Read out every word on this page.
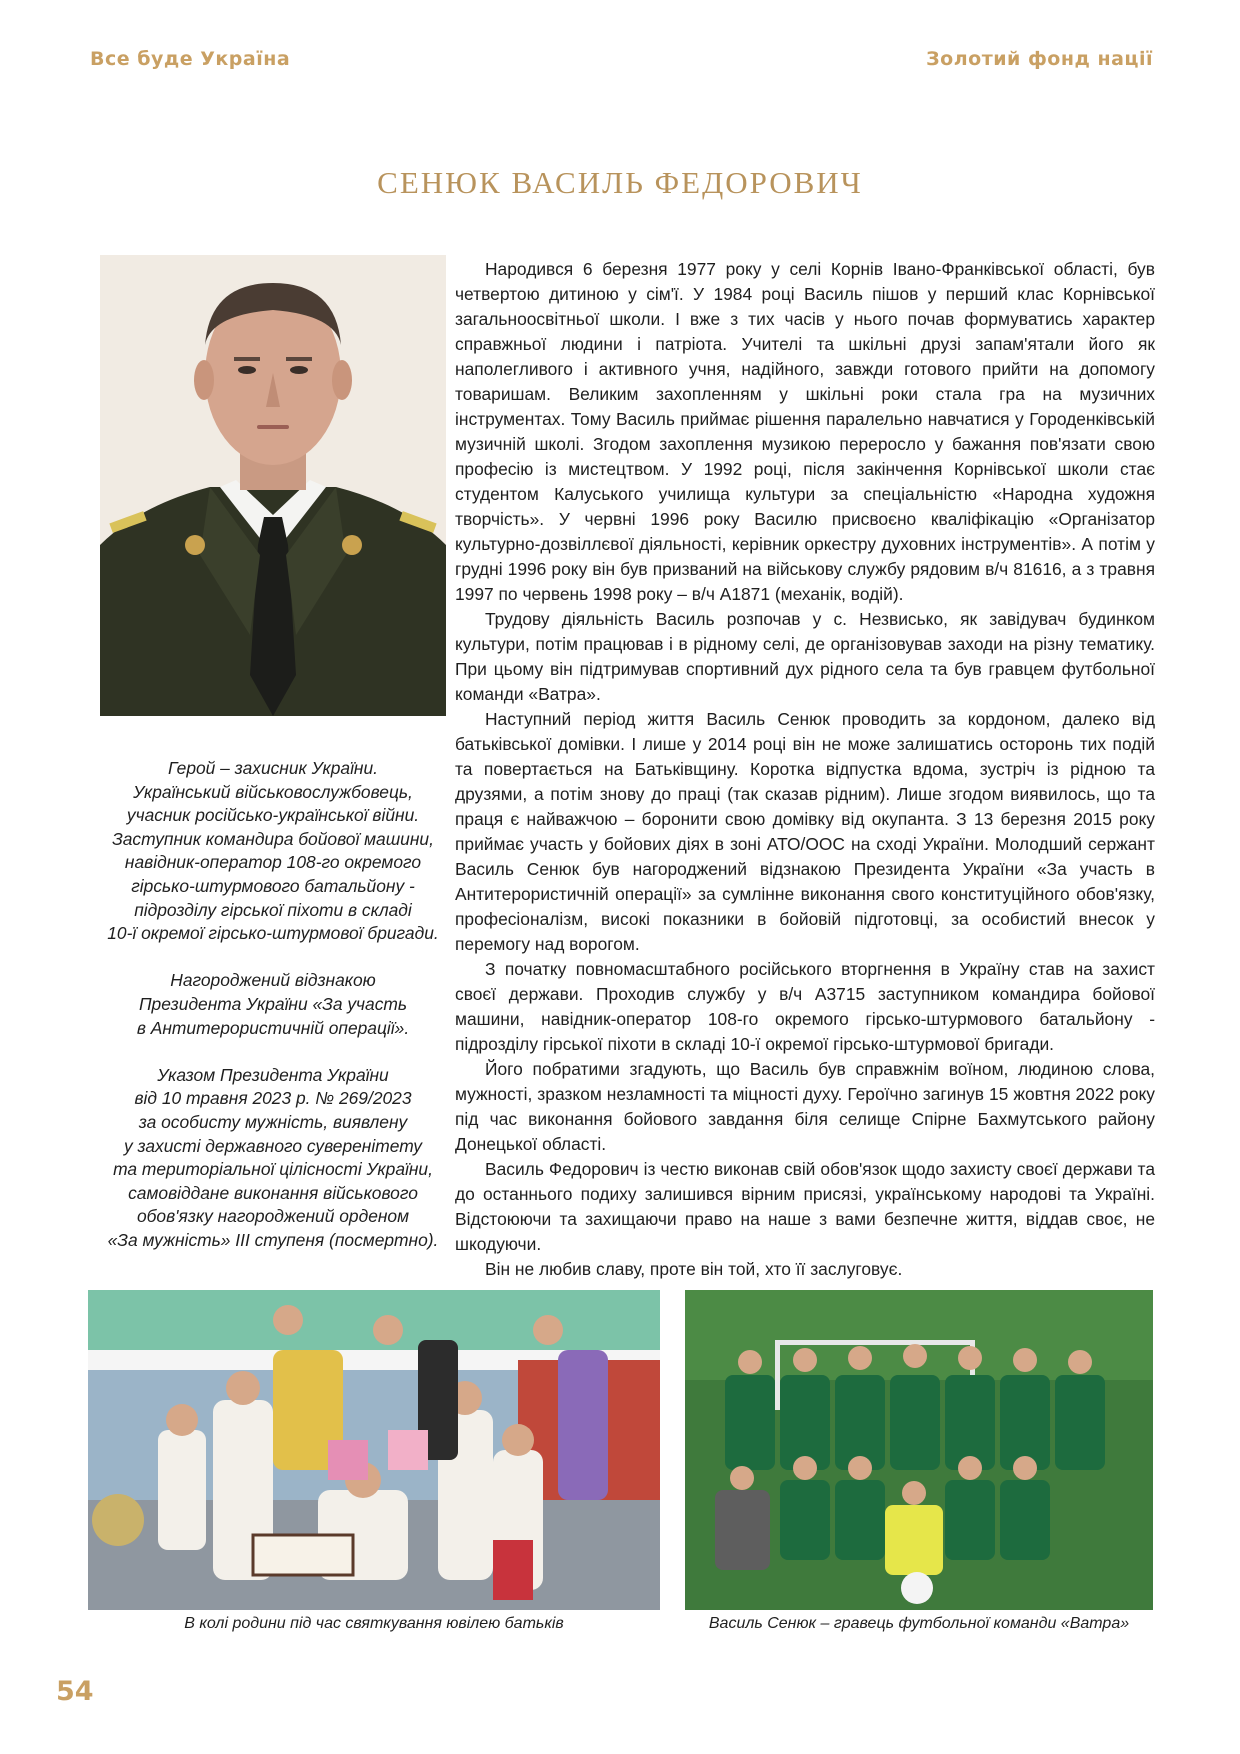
Все буде Україна	Золотий фонд нації
СЕНЮК ВАСИЛЬ ФЕДОРОВИЧ

Герой – захисник України.

Український військовослужбовець,

учасник російсько-української війни.

Заступник командира бойової машини,

навідник-оператор 108-го окремого

гірсько-штурмового батальйону -

підрозділу гірської піхоти в складі

10-ї окремої гірсько-штурмової бригади.

Нагороджений відзнакою

Президента України «За участь

в Антитерористичній операції».

Указом Президента України

від 10 травня 2023 р. № 269/2023

за особисту мужність, виявлену

у захисті державного суверенітету

та територіальної цілісності України,

самовіддане виконання військового

обов'язку нагороджений орденом

«За мужність» ІІІ ступеня (посмертно).

Народився 6 березня 1977 року у селі Корнів Івано-Франківської області, був четвертою дитиною у сім'ї. У 1984 році Василь пішов у перший клас Корнівської загальноосвітньої школи. І вже з тих часів у нього почав формуватись характер справжньої людини і патріота. Учителі та шкільні друзі запам'ятали його як наполегливого і активного учня, надійного, завжди готового прийти на допомогу товаришам. Великим захопленням у шкільні роки стала гра на музичних інструментах. Тому Василь приймає рішення паралельно навчатися у Городенківській музичній школі. Згодом захоплення музикою переросло у бажання пов'язати свою професію із мистецтвом. У 1992 році, після закінчення Корнівської школи стає студентом Калуського училища культури за спеціальністю «Народна художня творчість». У червні 1996 року Василю присвоєно кваліфікацію «Організатор культурно-дозвіллєвої діяльності, керівник оркестру духовних інструментів». А потім у грудні 1996 року він був призваний на військову службу рядовим в/ч 81616, а з травня 1997 по червень 1998 року – в/ч А1871 (механік, водій).

Трудову діяльність Василь розпочав у с. Незвисько, як завідувач будинком культури, потім працював і в рідному селі, де організовував заходи на різну тематику. При цьому він підтримував спортивний дух рідного села та був гравцем футбольної команди «Ватра».

Наступний період життя Василь Сенюк проводить за кордоном, далеко від батьківської домівки. І лише у 2014 році він не може залишатись осторонь тих подій та повертається на Батьківщину. Коротка відпустка вдома, зустріч із рідною та друзями, а потім знову до праці (так сказав рідним). Лише згодом виявилось, що та праця є найважчою – боронити свою домівку від окупанта. З 13 березня 2015 року приймає участь у бойових діях в зоні АТО/ООС на сході України. Молодший сержант Василь Сенюк був нагороджений відзнакою Президента України «За участь в Антитерористичній операції» за сумлінне виконання свого конституційного обов'язку, професіоналізм, високі показники в бойовій підготовці, за особистий внесок у перемогу над ворогом.

З початку повномасштабного російського вторгнення в Україну став на захист своєї держави. Проходив службу у в/ч А3715 заступником командира бойової машини, навідник-оператор 108-го окремого гірсько-штурмового батальйону - підрозділу гірської піхоти в складі 10-ї окремої гірсько-штурмової бригади.

Його побратими згадують, що Василь був справжнім воїном, людиною слова, мужності, зразком незламності та міцності духу. Героїчно загинув 15 жовтня 2022 року під час виконання бойового завдання біля селище Спірне Бахмутського району Донецької області.

Василь Федорович із честю виконав свій обов'язок щодо захисту своєї держави та до останнього подиху залишився вірним присязі, українському народові та Україні. Відстоюючи та захищаючи право на наше з вами безпечне життя, віддав своє, не шкодуючи.

Він не любив славу, проте він той, хто її заслуговує.

В колі родини під час святкування ювілею батьків	Василь Сенюк – гравець футбольної команди «Ватра»
54
